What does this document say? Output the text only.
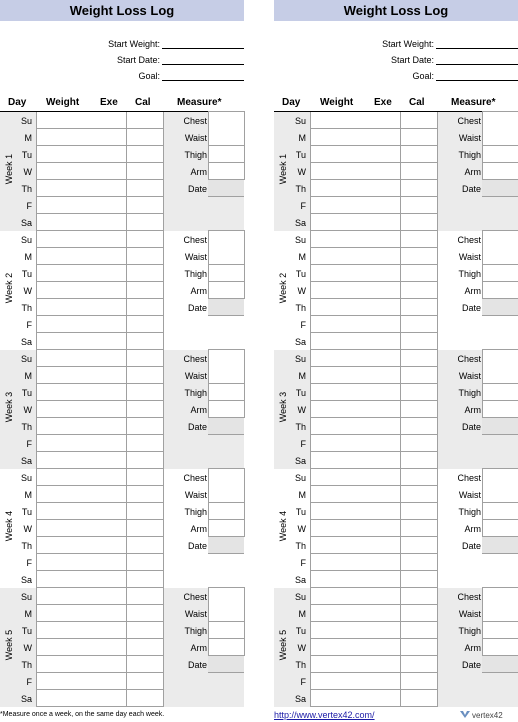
Weight Loss Log
Start Weight:
Start Date:
Goal:
Day Weight Exe Cal	Measure*
Week 1
Su	Chest
M	Waist
Tu	Thigh
W	Arm
Th	Date
F
Sa
Week 2
Su	Chest
M	Waist
Tu	Thigh
W	Arm
Th	Date
F
Sa
Week 3
Su	Chest
M	Waist
Tu	Thigh
W	Arm
Th	Date
F
Sa
Week 4
Su	Chest
M	Waist
Tu	Thigh
W	Arm
Th	Date
F
Sa
Week 5
Su	Chest
M	Waist
Tu	Thigh
W	Arm
Th	Date
F
Sa
*Measure once a week, on the same day each week.
Weight Loss Log
Start Weight:
Start Date:
Goal:
Day Weight Exe Cal	Measure*
Week 1
Su	Chest
M	Waist
Tu	Thigh
W	Arm
Th	Date
F
Sa
Week 2
Su	Chest
M	Waist
Tu	Thigh
W	Arm
Th	Date
F
Sa
Week 3
Su	Chest
M	Waist
Tu	Thigh
W	Arm
Th	Date
F
Sa
Week 4
Su	Chest
M	Waist
Tu	Thigh
W	Arm
Th	Date
F
Sa
Week 5
Su	Chest
M	Waist
Tu	Thigh
W	Arm
Th	Date
F
Sa
http://www.vertex42.com/	vertex42
